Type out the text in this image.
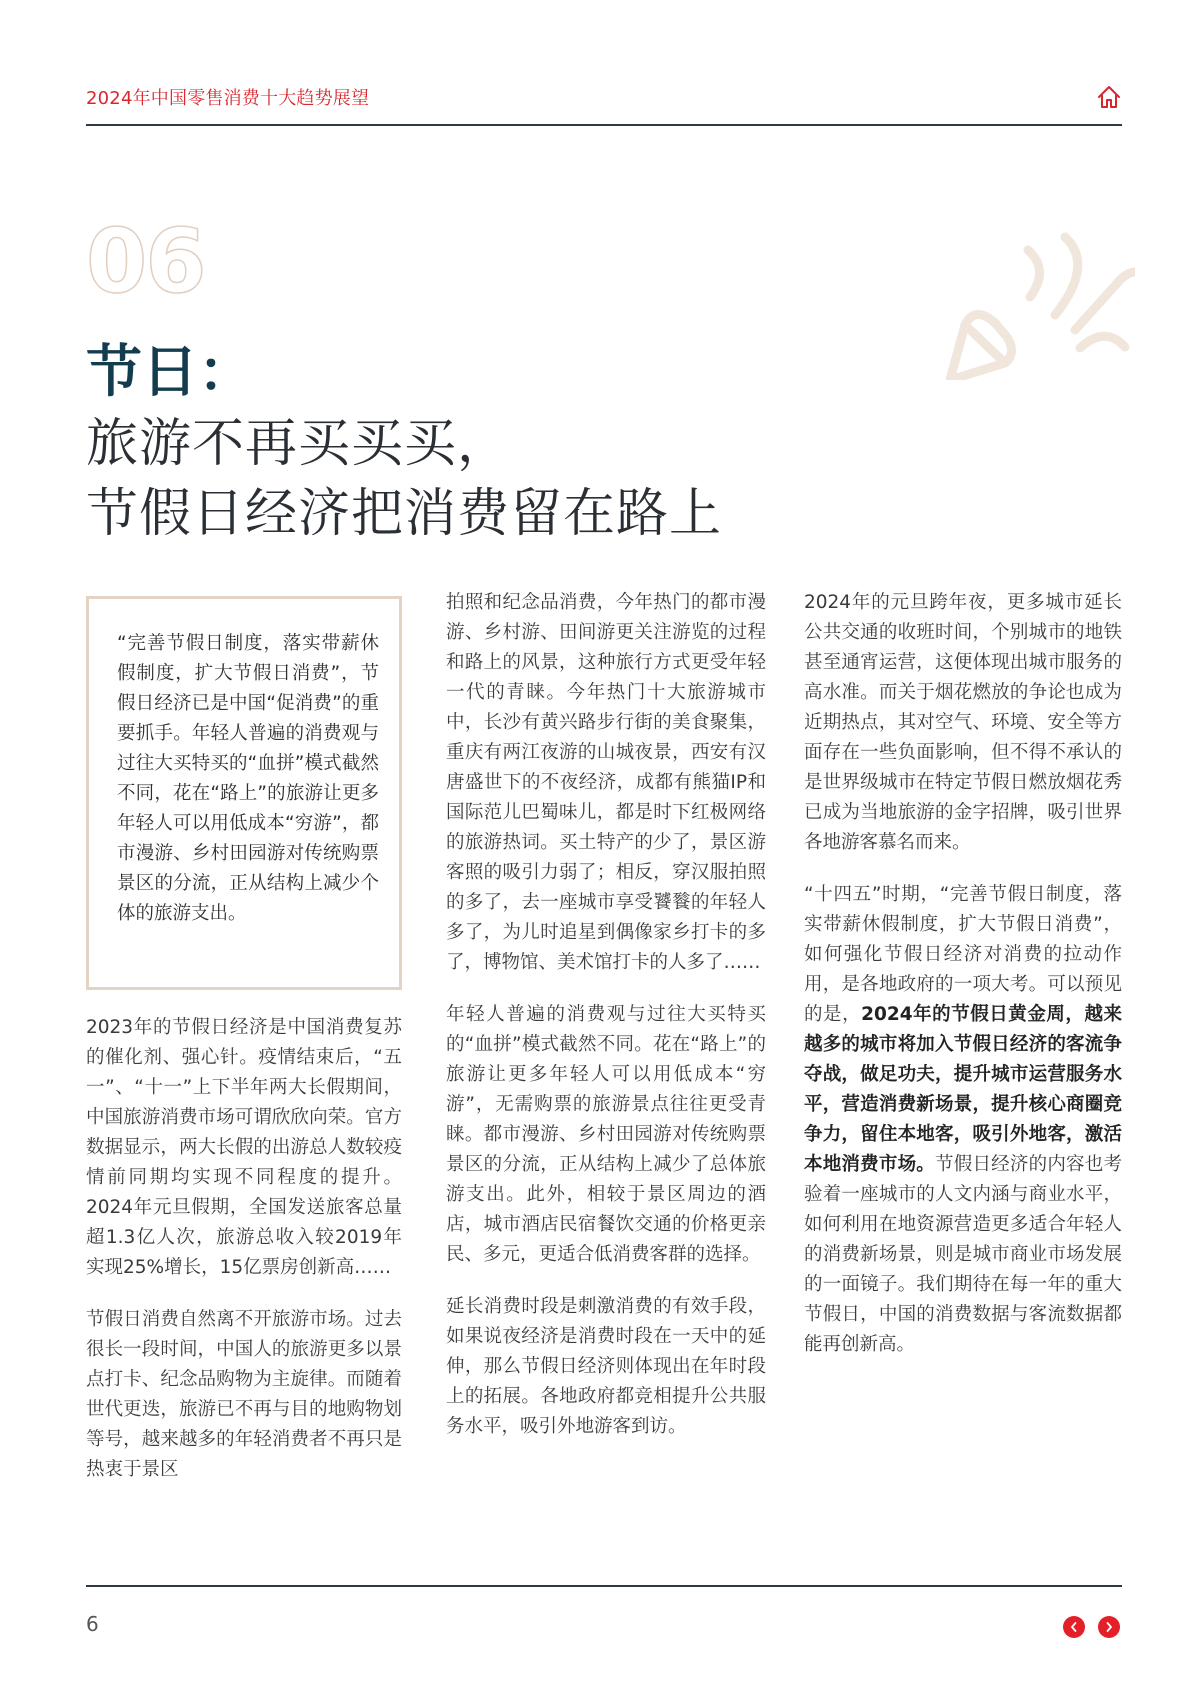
2024年中国零售消费十大趋势展望
06
节日：
旅游不再买买买，
节假日经济把消费留在路上
“完善节假日制度，落实带薪休假制度，扩大节假日消费”，节假日经济已是中国“促消费”的重要抓手。年轻人普遍的消费观与过往大买特买的“血拼”模式截然不同，花在“路上”的旅游让更多年轻人可以用低成本“穷游”，都市漫游、乡村田园游对传统购票景区的分流，正从结构上减少个体的旅游支出。

2023年的节假日经济是中国消费复苏的催化剂、强心针。疫情结束后，“五一”、“十一”上下半年两大长假期间，中国旅游消费市场可谓欣欣向荣。官方数据显示，两大长假的出游总人数较疫情前同期均实现不同程度的提升。2024年元旦假期，全国发送旅客总量超1.3亿人次，旅游总收入较2019年实现25%增长，15亿票房创新高……

节假日消费自然离不开旅游市场。过去很长一段时间，中国人的旅游更多以景点打卡、纪念品购物为主旋律。而随着世代更迭，旅游已不再与目的地购物划等号，越来越多的年轻消费者不再只是热衷于景区

拍照和纪念品消费，今年热门的都市漫游、乡村游、田间游更关注游览的过程和路上的风景，这种旅行方式更受年轻一代的青睐。今年热门十大旅游城市中，长沙有黄兴路步行街的美食聚集，重庆有两江夜游的山城夜景，西安有汉唐盛世下的不夜经济，成都有熊猫IP和国际范儿巴蜀味儿，都是时下红极网络的旅游热词。买土特产的少了，景区游客照的吸引力弱了；相反，穿汉服拍照的多了，去一座城市享受饕餮的年轻人多了，为儿时追星到偶像家乡打卡的多了，博物馆、美术馆打卡的人多了……

年轻人普遍的消费观与过往大买特买的“血拼”模式截然不同。花在“路上”的旅游让更多年轻人可以用低成本“穷游”，无需购票的旅游景点往往更受青睐。都市漫游、乡村田园游对传统购票景区的分流，正从结构上减少了总体旅游支出。此外，相较于景区周边的酒店，城市酒店民宿餐饮交通的价格更亲民、多元，更适合低消费客群的选择。

延长消费时段是刺激消费的有效手段，如果说夜经济是消费时段在一天中的延伸，那么节假日经济则体现出在年时段上的拓展。各地政府都竞相提升公共服务水平，吸引外地游客到访。

2024年的元旦跨年夜，更多城市延长公共交通的收班时间，个别城市的地铁甚至通宵运营，这便体现出城市服务的高水准。而关于烟花燃放的争论也成为近期热点，其对空气、环境、安全等方面存在一些负面影响，但不得不承认的是世界级城市在特定节假日燃放烟花秀已成为当地旅游的金字招牌，吸引世界各地游客慕名而来。

“十四五”时期，“完善节假日制度，落实带薪休假制度，扩大节假日消费”，如何强化节假日经济对消费的拉动作用，是各地政府的一项大考。可以预见的是，2024年的节假日黄金周，越来越多的城市将加入节假日经济的客流争夺战，做足功夫，提升城市运营服务水平，营造消费新场景，提升核心商圈竞争力，留住本地客，吸引外地客，激活本地消费市场。节假日经济的内容也考验着一座城市的人文内涵与商业水平，如何利用在地资源营造更多适合年轻人的消费新场景，则是城市商业市场发展的一面镜子。我们期待在每一年的重大节假日，中国的消费数据与客流数据都能再创新高。

6
